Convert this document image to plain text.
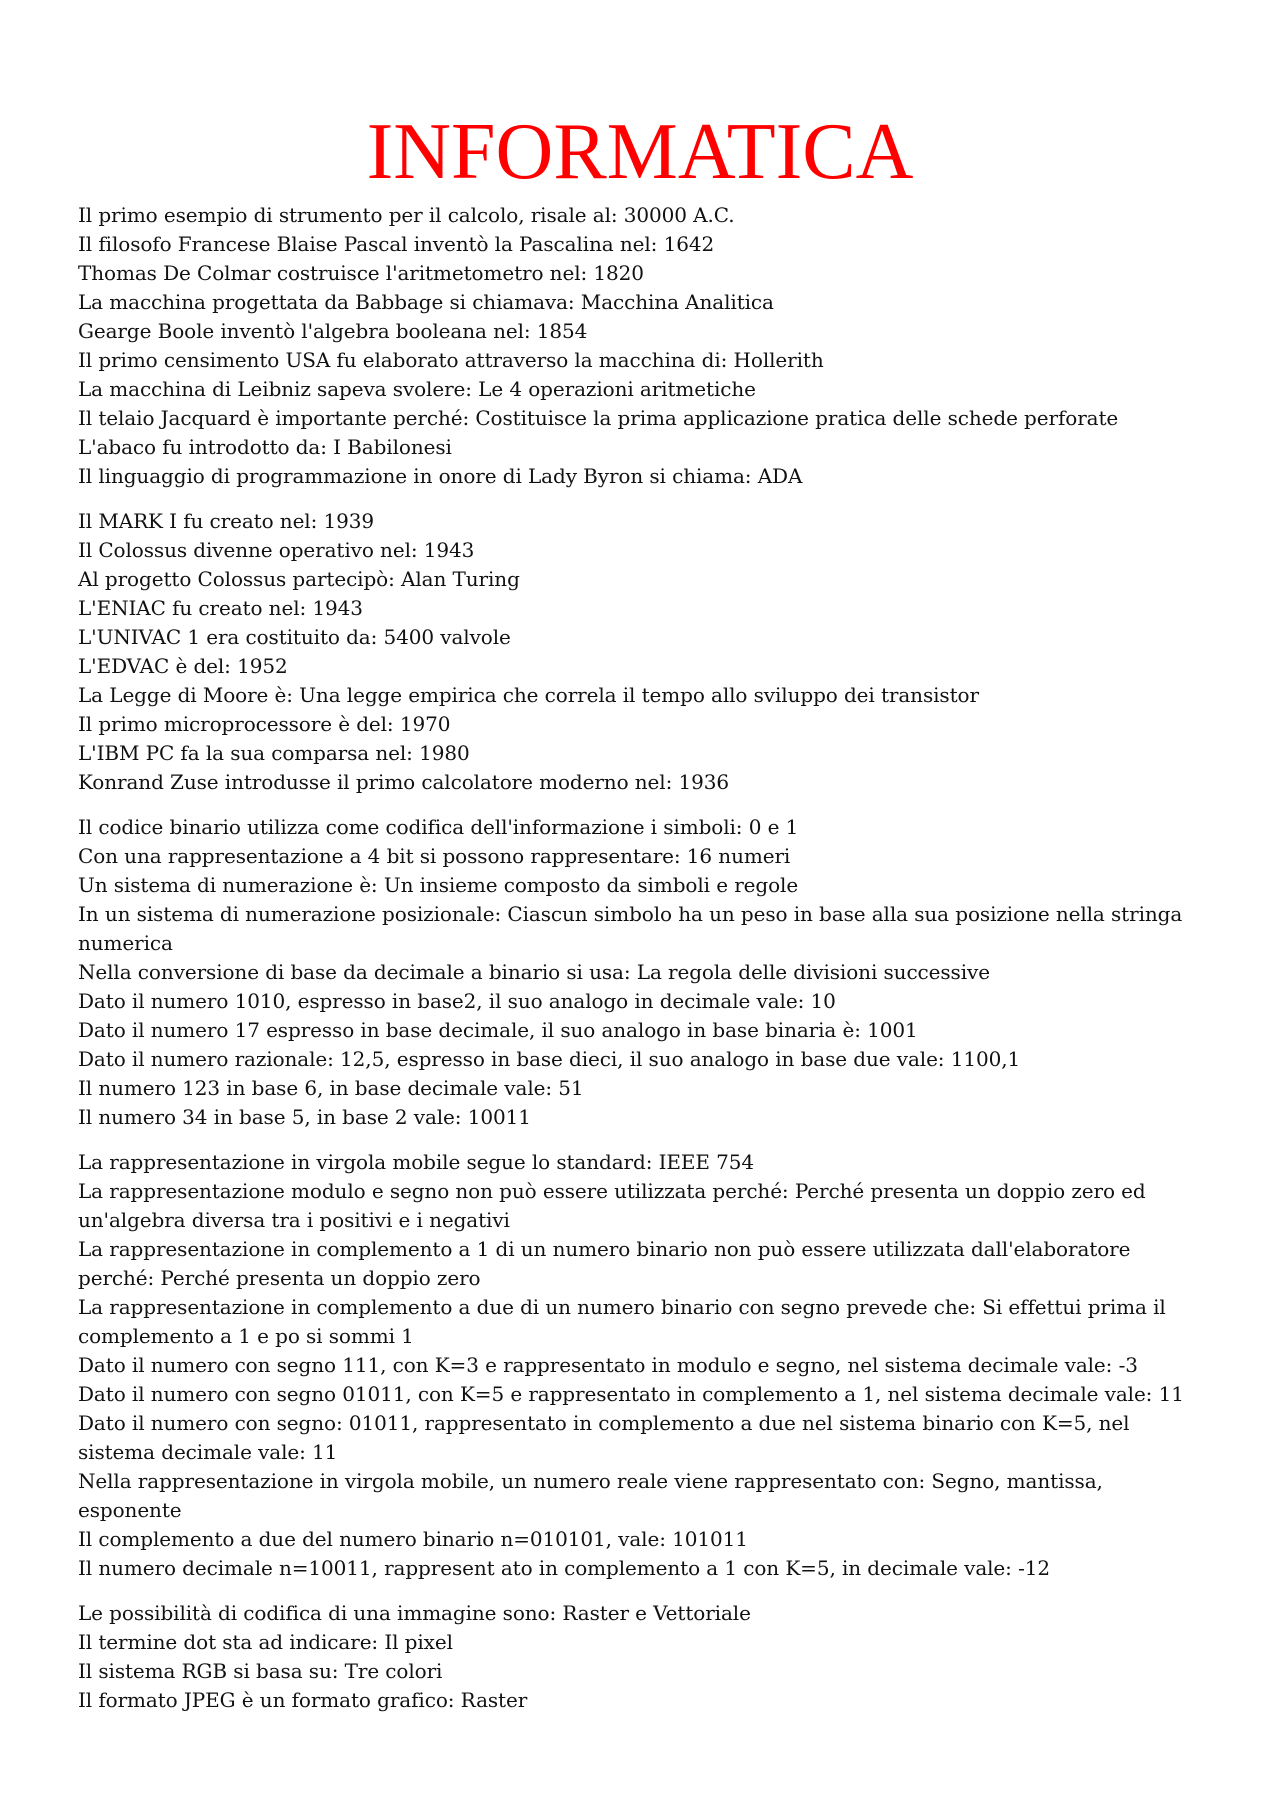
INFORMATICA
Il primo esempio di strumento per il calcolo, risale al: 30000 A.C.
Il filosofo Francese Blaise Pascal inventò la Pascalina nel: 1642
Thomas De Colmar costruisce l'aritmetometro nel: 1820
La macchina progettata da Babbage si chiamava: Macchina Analitica
Gearge Boole inventò l'algebra booleana nel: 1854
Il primo censimento USA fu elaborato attraverso la macchina di: Hollerith
La macchina di Leibniz sapeva svolere: Le 4 operazioni aritmetiche
Il telaio Jacquard è importante perché: Costituisce la prima applicazione pratica delle schede perforate
L'abaco fu introdotto da: I Babilonesi
Il linguaggio di programmazione in onore di Lady Byron si chiama: ADA
Il MARK I fu creato nel: 1939
Il Colossus divenne operativo nel: 1943
Al progetto Colossus partecipò: Alan Turing
L'ENIAC fu creato nel: 1943
L'UNIVAC 1 era costituito da: 5400 valvole
L'EDVAC è del: 1952
La Legge di Moore è: Una legge empirica che correla il tempo allo sviluppo dei transistor
Il primo microprocessore è del: 1970
L'IBM PC fa la sua comparsa nel: 1980
Konrand Zuse introdusse il primo calcolatore moderno nel: 1936
Il codice binario utilizza come codifica dell'informazione i simboli: 0 e 1
Con una rappresentazione a 4 bit si possono rappresentare: 16 numeri
Un sistema di numerazione è: Un insieme composto da simboli e regole
In un sistema di numerazione posizionale: Ciascun simbolo ha un peso in base alla sua posizione nella stringa numerica
Nella conversione di base da decimale a binario si usa: La regola delle divisioni successive
Dato il numero 1010, espresso in base2, il suo analogo in decimale vale: 10
Dato il numero 17 espresso in base decimale, il suo analogo in base binaria è: 1001
Dato il numero razionale: 12,5, espresso in base dieci, il suo analogo in base due vale: 1100,1
Il numero 123 in base 6, in base decimale vale: 51
Il numero 34 in base 5, in base 2 vale: 10011
La rappresentazione in virgola mobile segue lo standard: IEEE 754
La rappresentazione modulo e segno non può essere utilizzata perché: Perché presenta un doppio zero ed un'algebra diversa tra i positivi e i negativi
La rappresentazione in complemento a 1 di un numero binario non può essere utilizzata dall'elaboratore perché: Perché presenta un doppio zero
La rappresentazione in complemento a due di un numero binario con segno prevede che: Si effettui prima il complemento a 1 e po si sommi 1
Dato il numero con segno 111, con K=3 e rappresentato in modulo e segno, nel sistema decimale vale: -3
Dato il numero con segno 01011, con K=5 e rappresentato in complemento a 1, nel sistema decimale vale: 11
Dato il numero con segno: 01011, rappresentato in complemento a due nel sistema binario con K=5, nel sistema decimale vale: 11
Nella rappresentazione in virgola mobile, un numero reale viene rappresentato con: Segno, mantissa, esponente
Il complemento a due del numero binario n=010101, vale: 101011
Il numero decimale n=10011, rappresent ato in complemento a 1 con K=5, in decimale vale: -12
Le possibilità di codifica di una immagine sono: Raster e Vettoriale
Il termine dot sta ad indicare: Il pixel
Il sistema RGB si basa su: Tre colori
Il formato JPEG è un formato grafico: Raster
